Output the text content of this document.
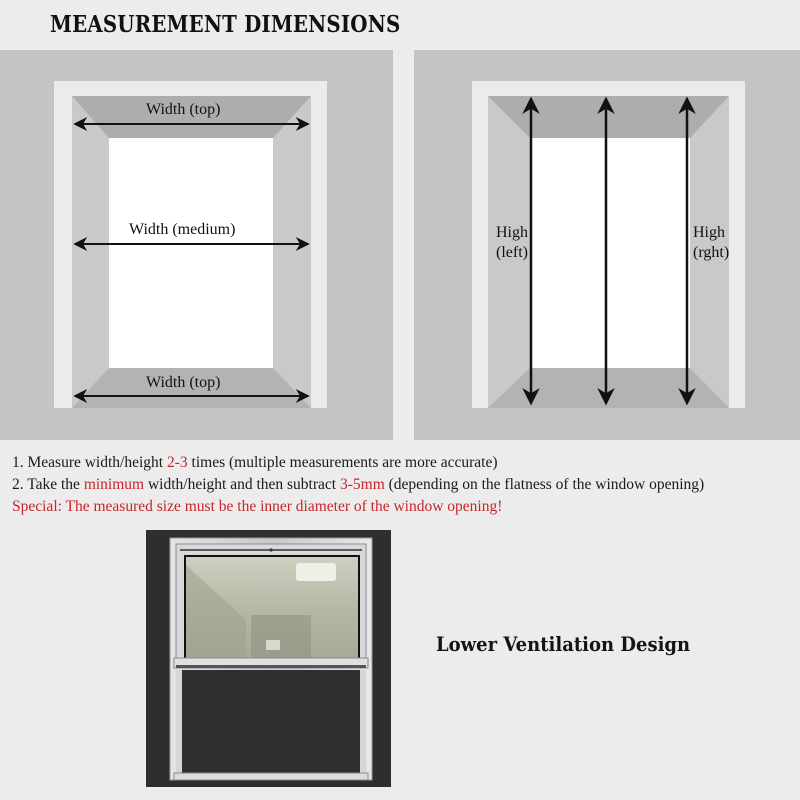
MEASUREMENT DIMENSIONS
Width (top)
Width (medium)
Width (top)
High
(left)
High
(rght)
1. Measure width/height 2-3 times (multiple measurements are more accurate)
2. Take the minimum width/height and then subtract 3-5mm (depending on the flatness of the window opening)
Special: The measured size must be the inner diameter of the window opening!
Lower Ventilation Design
